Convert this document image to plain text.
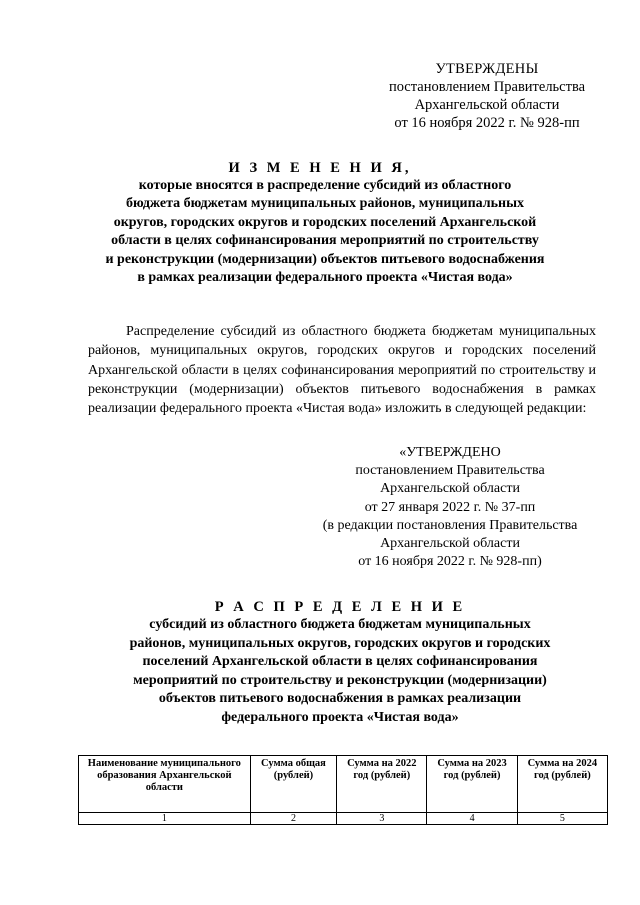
УТВЕРЖДЕНЫ
постановлением Правительства
Архангельской области
от 16 ноября 2022 г. № 928-пп
И З М Е Н Е Н И Я,
которые вносятся в распределение субсидий из областного
бюджета бюджетам муниципальных районов, муниципальных
округов, городских округов и городских поселений Архангельской
области в целях софинансирования мероприятий по строительству
и реконструкции (модернизации) объектов питьевого водоснабжения
в рамках реализации федерального проекта «Чистая вода»
Распределение субсидий из областного бюджета бюджетам муниципальных районов, муниципальных округов, городских округов и городских поселений Архангельской области в целях софинансирования мероприятий по строительству и реконструкции (модернизации) объектов питьевого водоснабжения в рамках реализации федерального проекта «Чистая вода» изложить в следующей редакции:
«УТВЕРЖДЕНО
постановлением Правительства
Архангельской области
от 27 января 2022 г. № 37-пп
(в редакции постановления Правительства
Архангельской области
от 16 ноября 2022 г. № 928-пп)
Р А С П Р Е Д Е Л Е Н И Е
субсидий из областного бюджета бюджетам муниципальных
районов, муниципальных округов, городских округов и городских
поселений Архангельской области в целях софинансирования
мероприятий по строительству и реконструкции (модернизации)
объектов питьевого водоснабжения в рамках реализации
федерального проекта «Чистая вода»
Наименование муниципального образования Архангельской области	Сумма общая (рублей)	Сумма на 2022 год (рублей)	Сумма на 2023 год (рублей)	Сумма на 2024 год (рублей)
1	2	3	4	5
